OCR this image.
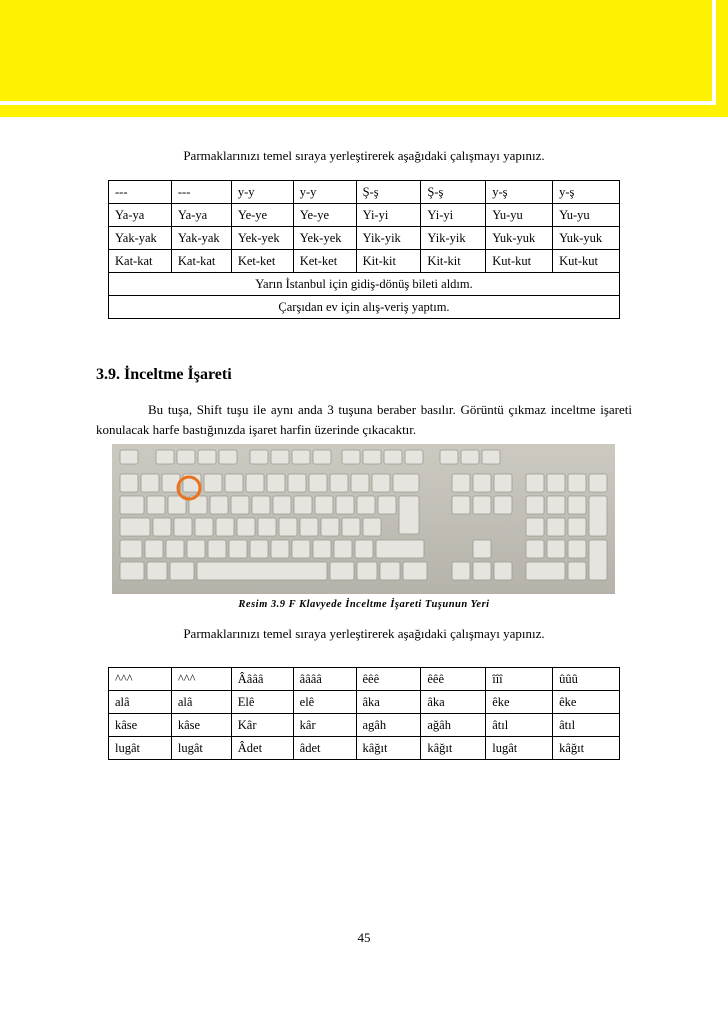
Parmaklarınızı temel sıraya yerleştirerek aşağıdaki çalışmayı yapınız.
---	---	y-y	y-y	Ş-ş	Ş-ş	y-ş	y-ş
Ya-ya	Ya-ya	Ye-ye	Ye-ye	Yi-yi	Yi-yi	Yu-yu	Yu-yu
Yak-yak	Yak-yak	Yek-yek	Yek-yek	Yik-yik	Yik-yik	Yuk-yuk	Yuk-yuk
Kat-kat	Kat-kat	Ket-ket	Ket-ket	Kit-kit	Kit-kit	Kut-kut	Kut-kut
Yarın İstanbul için gidiş-dönüş bileti aldım.							
Çarşıdan ev için alış-veriş yaptım.							
3.9. İnceltme İşareti
Bu tuşa, Shift tuşu ile aynı anda 3 tuşuna beraber basılır. Görüntü çıkmaz inceltme işareti konulacak harfe bastığınızda işaret harfin üzerinde çıkacaktır.
Resim 3.9 F Klavyede İnceltme İşareti Tuşunun Yeri
Parmaklarınızı temel sıraya yerleştirerek aşağıdaki çalışmayı yapınız.
^^^	^^^	Ââââ	ââââ	êêê	êêê	îîî	ûûû
alâ	alâ	Elê	elê	âka	âka	êke	êke
kâse	kâse	Kâr	kâr	agâh	ağâh	âtıl	âtıl
lugât	lugât	Âdet	âdet	kâğıt	kâğıt	lugât	kâğıt
45
